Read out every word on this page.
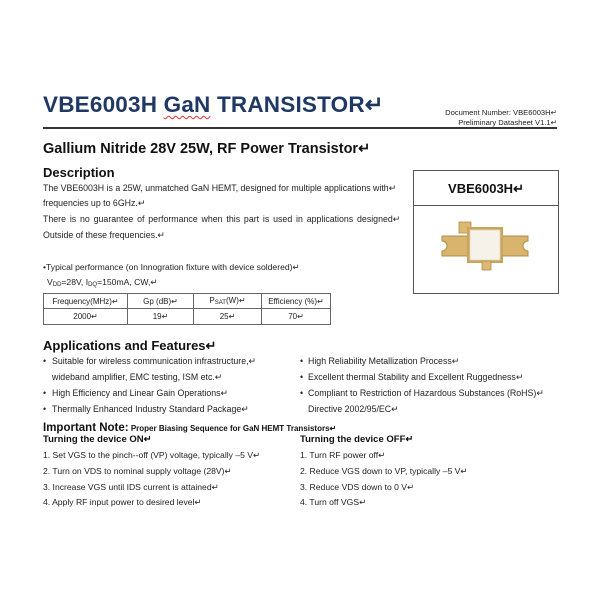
VBE6003H GaN TRANSISTOR↵	Document Number: VBE6003H↵
Preliminary Datasheet V1.1↵
Gallium Nitride 28V 25W, RF Power Transistor↵
Description
The VBE6003H is a 25W, unmatched GaN HEMT, designed for multiple applications with↵
frequencies up to 6GHz.↵
There is no guarantee of performance when this part is used in applications designed↵
Outside of these frequencies.↵
VBE6003H↵
•Typical performance (on Innogration fixture with device soldered)↵
$V_{DD}=28V$, $I_{DQ}=150mA$, CW,↵
Frequency(MHz)↵	Gp (dB)↵	$P_{SAT}(W)↵$	Efficiency (%)↵
2000↵	19↵	25↵	70↵
Applications and Features↵
• Suitable for wireless communication infrastructure,↵
wideband amplifier, EMC testing, ISM etc.↵
• High Efficiency and Linear Gain Operations↵
• Thermally Enhanced Industry Standard Package↵
• High Reliability Metallization Process↵
• Excellent thermal Stability and Excellent Ruggedness↵
• Compliant to Restriction of Hazardous Substances (RoHS)↵
Directive 2002/95/EC↵
Important Note: Proper Biasing Sequence for GaN HEMT Transistors↵
Turning the device ON↵	Turning the device OFF↵
1. Set VGS to the pinch--off (VP) voltage, typically –5 V↵
2. Turn on VDS to nominal supply voltage (28V)↵
3. Increase VGS until IDS current is attained↵
4. Apply RF input power to desired level↵
1. Turn RF power off↵
2. Reduce VGS down to VP, typically –5 V↵
3. Reduce VDS down to 0 V↵
4. Turn off VGS↵
